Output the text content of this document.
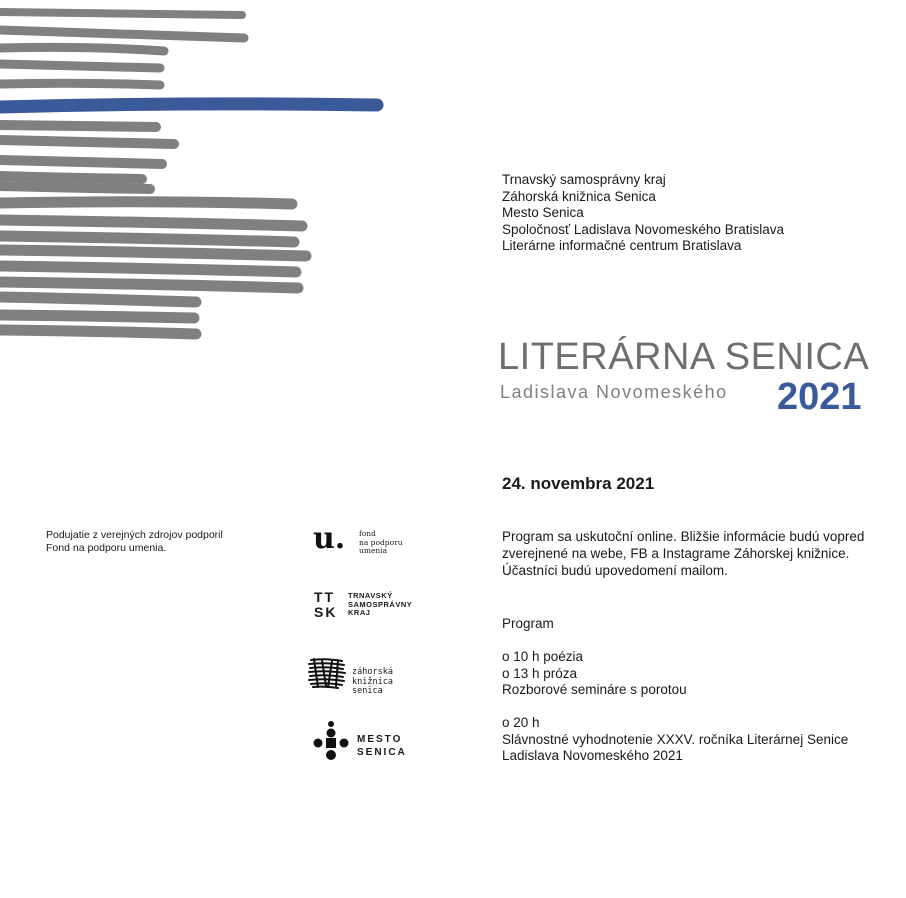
Trnavský samosprávny kraj
Záhorská knižnica Senica
Mesto Senica
Spoločnosť Ladislava Novomeského Bratislava
Literárne informačné centrum Bratislava
LITERÁRNA SENICA
Ladislava Novomeského 2021
24. novembra 2021
Program sa uskutoční online. Bližšie informácie budú vopred zverejnené na webe, FB a Instagrame Záhorskej knižnice. Účastníci budú upovedomení mailom.
Program
o 10 h poézia
o 13 h próza
Rozborové semináre s porotou
o 20 h
Slávnostné vyhodnotenie XXXV. ročníka Literárnej Senice
Ladislava Novomeského 2021
Podujatie z verejných zdrojov podporil
Fond na podporu umenia.	u. fond
na podporu
umenia
TT
SK
TRNAVSKÝ
SAMOSPRÁVNY
KRAJ
záhorská
knižnica
senica
MESTO
SENICA
